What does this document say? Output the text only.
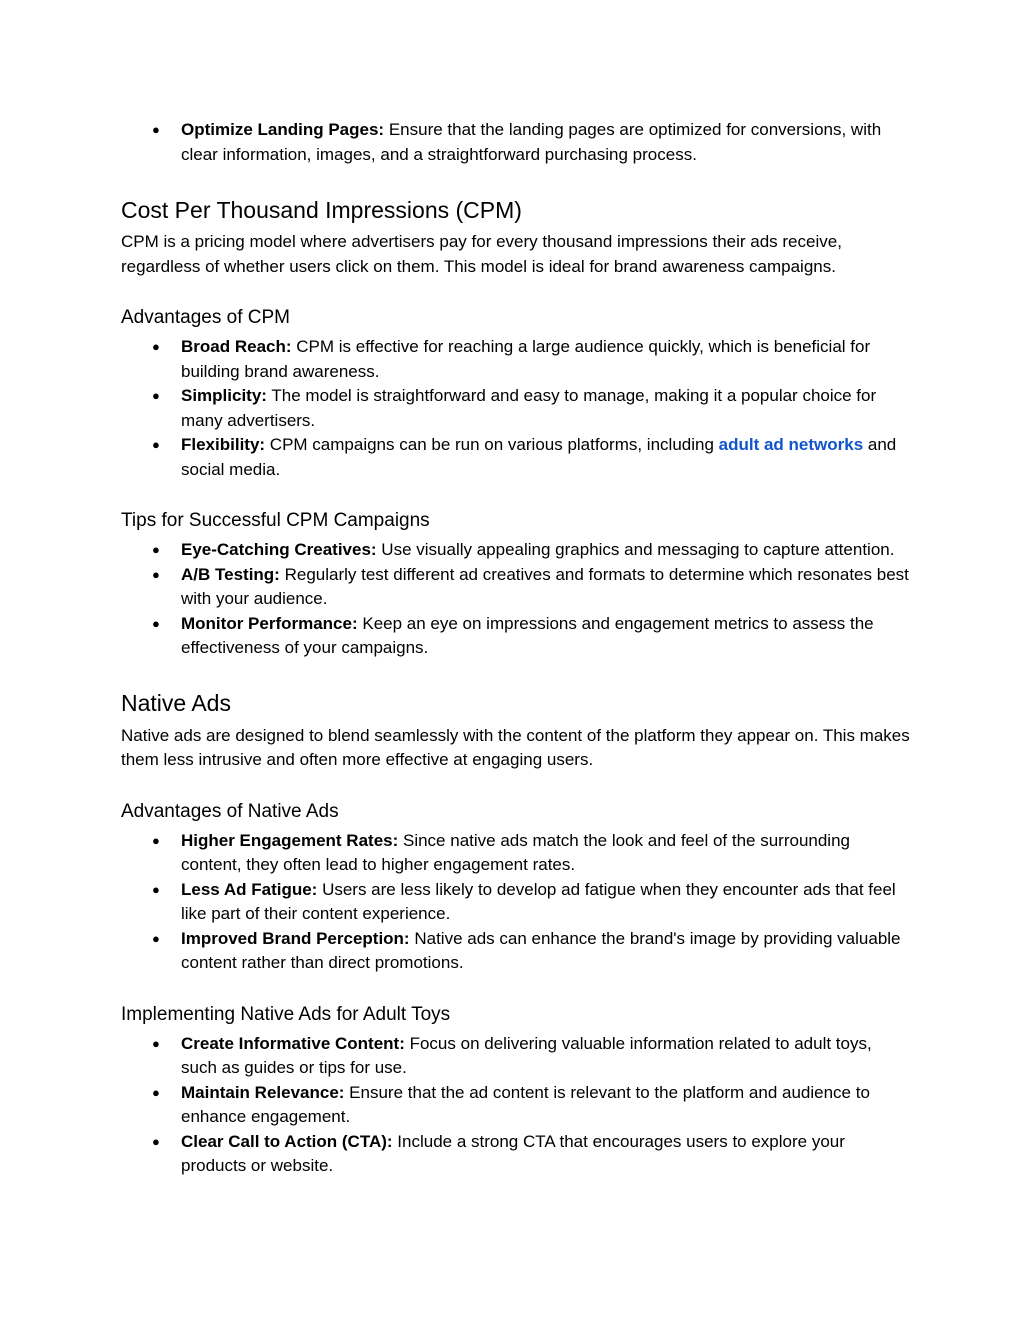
● Optimize Landing Pages: Ensure that the landing pages are optimized for conversions, with clear information, images, and a straightforward purchasing process.
Cost Per Thousand Impressions (CPM)

CPM is a pricing model where advertisers pay for every thousand impressions their ads receive, regardless of whether users click on them. This model is ideal for brand awareness campaigns.

Advantages of CPM
● Broad Reach: CPM is effective for reaching a large audience quickly, which is beneficial for building brand awareness.
● Simplicity: The model is straightforward and easy to manage, making it a popular choice for many advertisers.
● Flexibility: CPM campaigns can be run on various platforms, including adult ad networks and social media.
Tips for Successful CPM Campaigns
● Eye-Catching Creatives: Use visually appealing graphics and messaging to capture attention.
● A/B Testing: Regularly test different ad creatives and formats to determine which resonates best with your audience.
● Monitor Performance: Keep an eye on impressions and engagement metrics to assess the effectiveness of your campaigns.
Native Ads

Native ads are designed to blend seamlessly with the content of the platform they appear on. This makes them less intrusive and often more effective at engaging users.

Advantages of Native Ads
● Higher Engagement Rates: Since native ads match the look and feel of the surrounding content, they often lead to higher engagement rates.
● Less Ad Fatigue: Users are less likely to develop ad fatigue when they encounter ads that feel like part of their content experience.
● Improved Brand Perception: Native ads can enhance the brand's image by providing valuable content rather than direct promotions.
Implementing Native Ads for Adult Toys
● Create Informative Content: Focus on delivering valuable information related to adult toys, such as guides or tips for use.
● Maintain Relevance: Ensure that the ad content is relevant to the platform and audience to enhance engagement.
● Clear Call to Action (CTA): Include a strong CTA that encourages users to explore your products or website.
